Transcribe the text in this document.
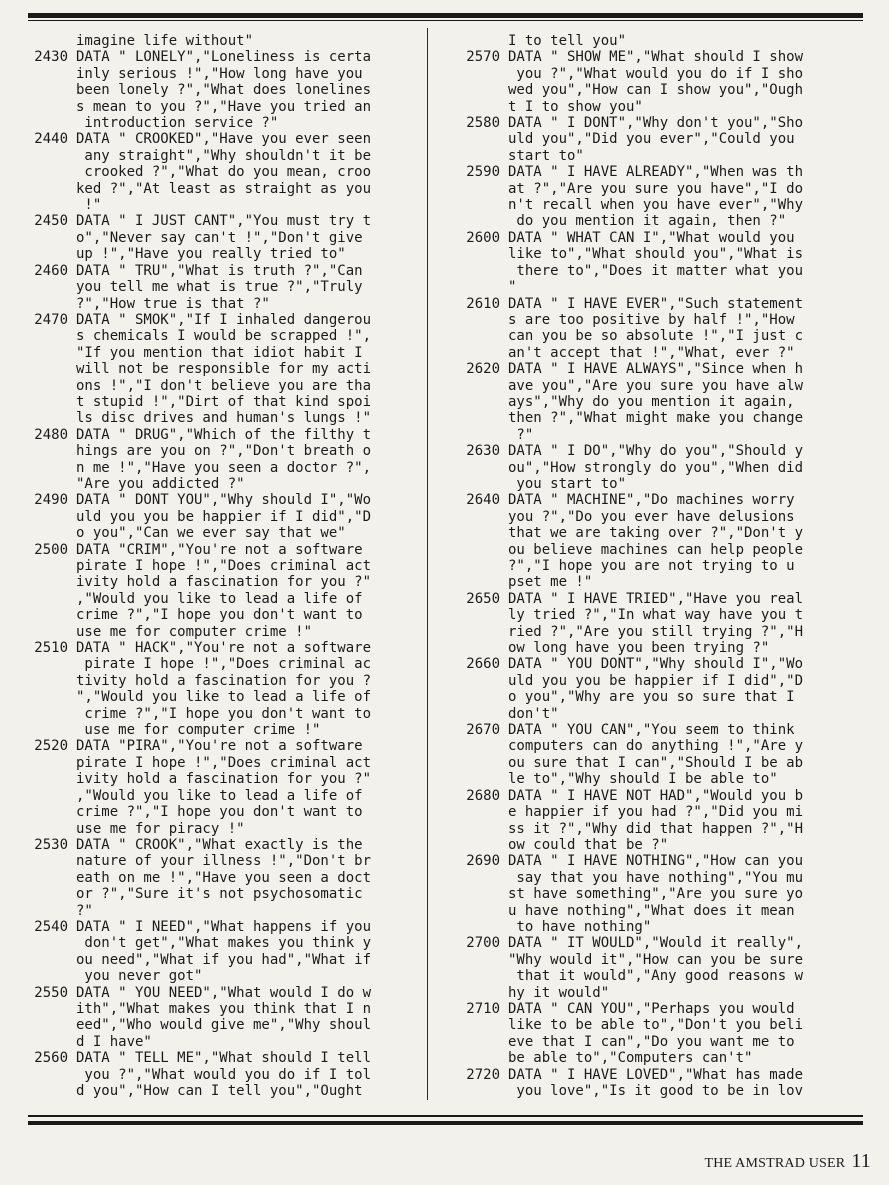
imagine life without"
2430 DATA " LONELY","Loneliness is certa
inly serious !","How long have you
been lonely ?","What does lonelines
s mean to you ?","Have you tried an
introduction service ?"
2440 DATA " CROOKED","Have you ever seen
any straight","Why shouldn't it be
crooked ?","What do you mean, croo
ked ?","At least as straight as you
!"
2450 DATA " I JUST CANT","You must try t
o","Never say can't !","Don't give
up !","Have you really tried to"
2460 DATA " TRU","What is truth ?","Can
you tell me what is true ?","Truly
?","How true is that ?"
2470 DATA " SMOK","If I inhaled dangerou
s chemicals I would be scrapped !",
"If you mention that idiot habit I
will not be responsible for my acti
ons !","I don't believe you are tha
t stupid !","Dirt of that kind spoi
ls disc drives and human's lungs !"
2480 DATA " DRUG","Which of the filthy t
hings are you on ?","Don't breath o
n me !","Have you seen a doctor ?",
"Are you addicted ?"
2490 DATA " DONT YOU","Why should I","Wo
uld you you be happier if I did","D
o you","Can we ever say that we"
2500 DATA "CRIM","You're not a software
pirate I hope !","Does criminal act
ivity hold a fascination for you ?"
,"Would you like to lead a life of
crime ?","I hope you don't want to
use me for computer crime !"
2510 DATA " HACK","You're not a software
pirate I hope !","Does criminal ac
tivity hold a fascination for you ?
","Would you like to lead a life of
crime ?","I hope you don't want to
use me for computer crime !"
2520 DATA "PIRA","You're not a software
pirate I hope !","Does criminal act
ivity hold a fascination for you ?"
,"Would you like to lead a life of
crime ?","I hope you don't want to
use me for piracy !"
2530 DATA " CROOK","What exactly is the
nature of your illness !","Don't br
eath on me !","Have you seen a doct
or ?","Sure it's not psychosomatic
?"
2540 DATA " I NEED","What happens if you
don't get","What makes you think y
ou need","What if you had","What if
you never got"
2550 DATA " YOU NEED","What would I do w
ith","What makes you think that I n
eed","Who would give me","Why shoul
d I have"
2560 DATA " TELL ME","What should I tell
you ?","What would you do if I tol
d you","How can I tell you","Ought
I to tell you"
2570 DATA " SHOW ME","What should I show
you ?","What would you do if I sho
wed you","How can I show you","Ough
t I to show you"
2580 DATA " I DONT","Why don't you","Sho
uld you","Did you ever","Could you
start to"
2590 DATA " I HAVE ALREADY","When was th
at ?","Are you sure you have","I do
n't recall when you have ever","Why
do you mention it again, then ?"
2600 DATA " WHAT CAN I","What would you
like to","What should you","What is
there to","Does it matter what you
"
2610 DATA " I HAVE EVER","Such statement
s are too positive by half !","How
can you be so absolute !","I just c
an't accept that !","What, ever ?"
2620 DATA " I HAVE ALWAYS","Since when h
ave you","Are you sure you have alw
ays","Why do you mention it again,
then ?","What might make you change
?"
2630 DATA " I DO","Why do you","Should y
ou","How strongly do you","When did
you start to"
2640 DATA " MACHINE","Do machines worry
you ?","Do you ever have delusions
that we are taking over ?","Don't y
ou believe machines can help people
?","I hope you are not trying to u
pset me !"
2650 DATA " I HAVE TRIED","Have you real
ly tried ?","In what way have you t
ried ?","Are you still trying ?","H
ow long have you been trying ?"
2660 DATA " YOU DONT","Why should I","Wo
uld you you be happier if I did","D
o you","Why are you so sure that I
don't"
2670 DATA " YOU CAN","You seem to think
computers can do anything !","Are y
ou sure that I can","Should I be ab
le to","Why should I be able to"
2680 DATA " I HAVE NOT HAD","Would you b
e happier if you had ?","Did you mi
ss it ?","Why did that happen ?","H
ow could that be ?"
2690 DATA " I HAVE NOTHING","How can you
say that you have nothing","You mu
st have something","Are you sure yo
u have nothing","What does it mean
to have nothing"
2700 DATA " IT WOULD","Would it really",
"Why would it","How can you be sure
that it would","Any good reasons w
hy it would"
2710 DATA " CAN YOU","Perhaps you would
like to be able to","Don't you beli
eve that I can","Do you want me to
be able to","Computers can't"
2720 DATA " I HAVE LOVED","What has made
you love","Is it good to be in lov
THE AMSTRAD USER 11
